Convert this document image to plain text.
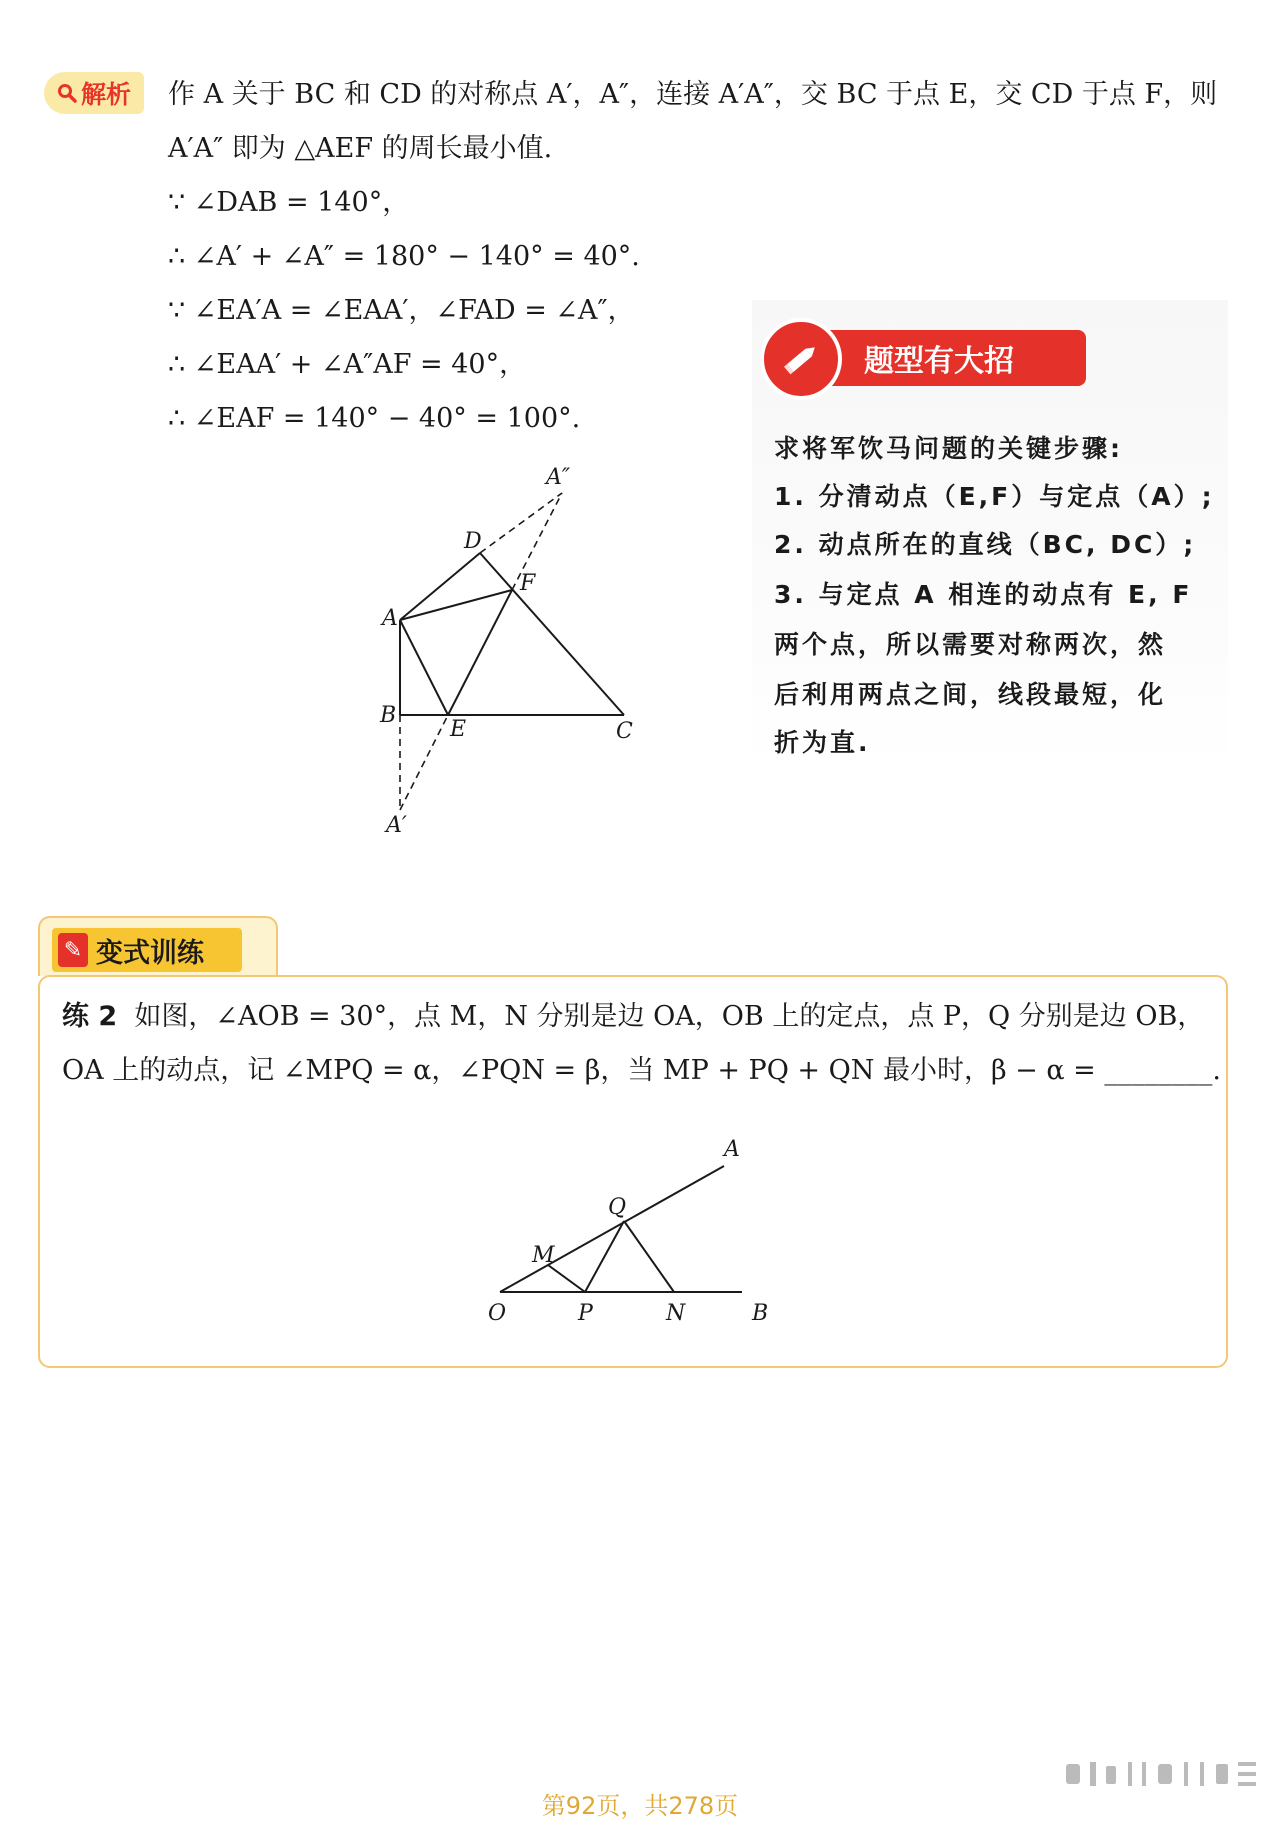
解析 作 A 关于 BC 和 CD 的对称点 A′，A″，连接 A′A″，交 BC 于点 E，交 CD 于点 F，则
A′A″ 即为 △AEF 的周长最小值.
∵ ∠DAB = 140°，
∴ ∠A′ + ∠A″ = 180° − 140° = 40°.
∵ ∠EA′A = ∠EAA′，∠FAD = ∠A″，
∴ ∠EAA′ + ∠A″AF = 40°，
∴ ∠EAF = 140° − 40° = 100°.
A″
D
F
A
B
E	C
A′
题型有大招
求将军饮马问题的关键步骤:
1. 分清动点（E,F）与定点（A）;
2. 动点所在的直线（BC, DC）;
3. 与定点 A 相连的动点有 E, F
两个点，所以需要对称两次，然
后利用两点之间，线段最短，化
折为直.
✎ 变式训练
练 2 如图，∠AOB = 30°，点 M，N 分别是边 OA，OB 上的定点，点 P，Q 分别是边 OB，
OA 上的动点，记 ∠MPQ = α，∠PQN = β，当 MP + PQ + QN 最小时，β − α = ________.
A
Q
M
O	P	N	B
第92页，共278页
